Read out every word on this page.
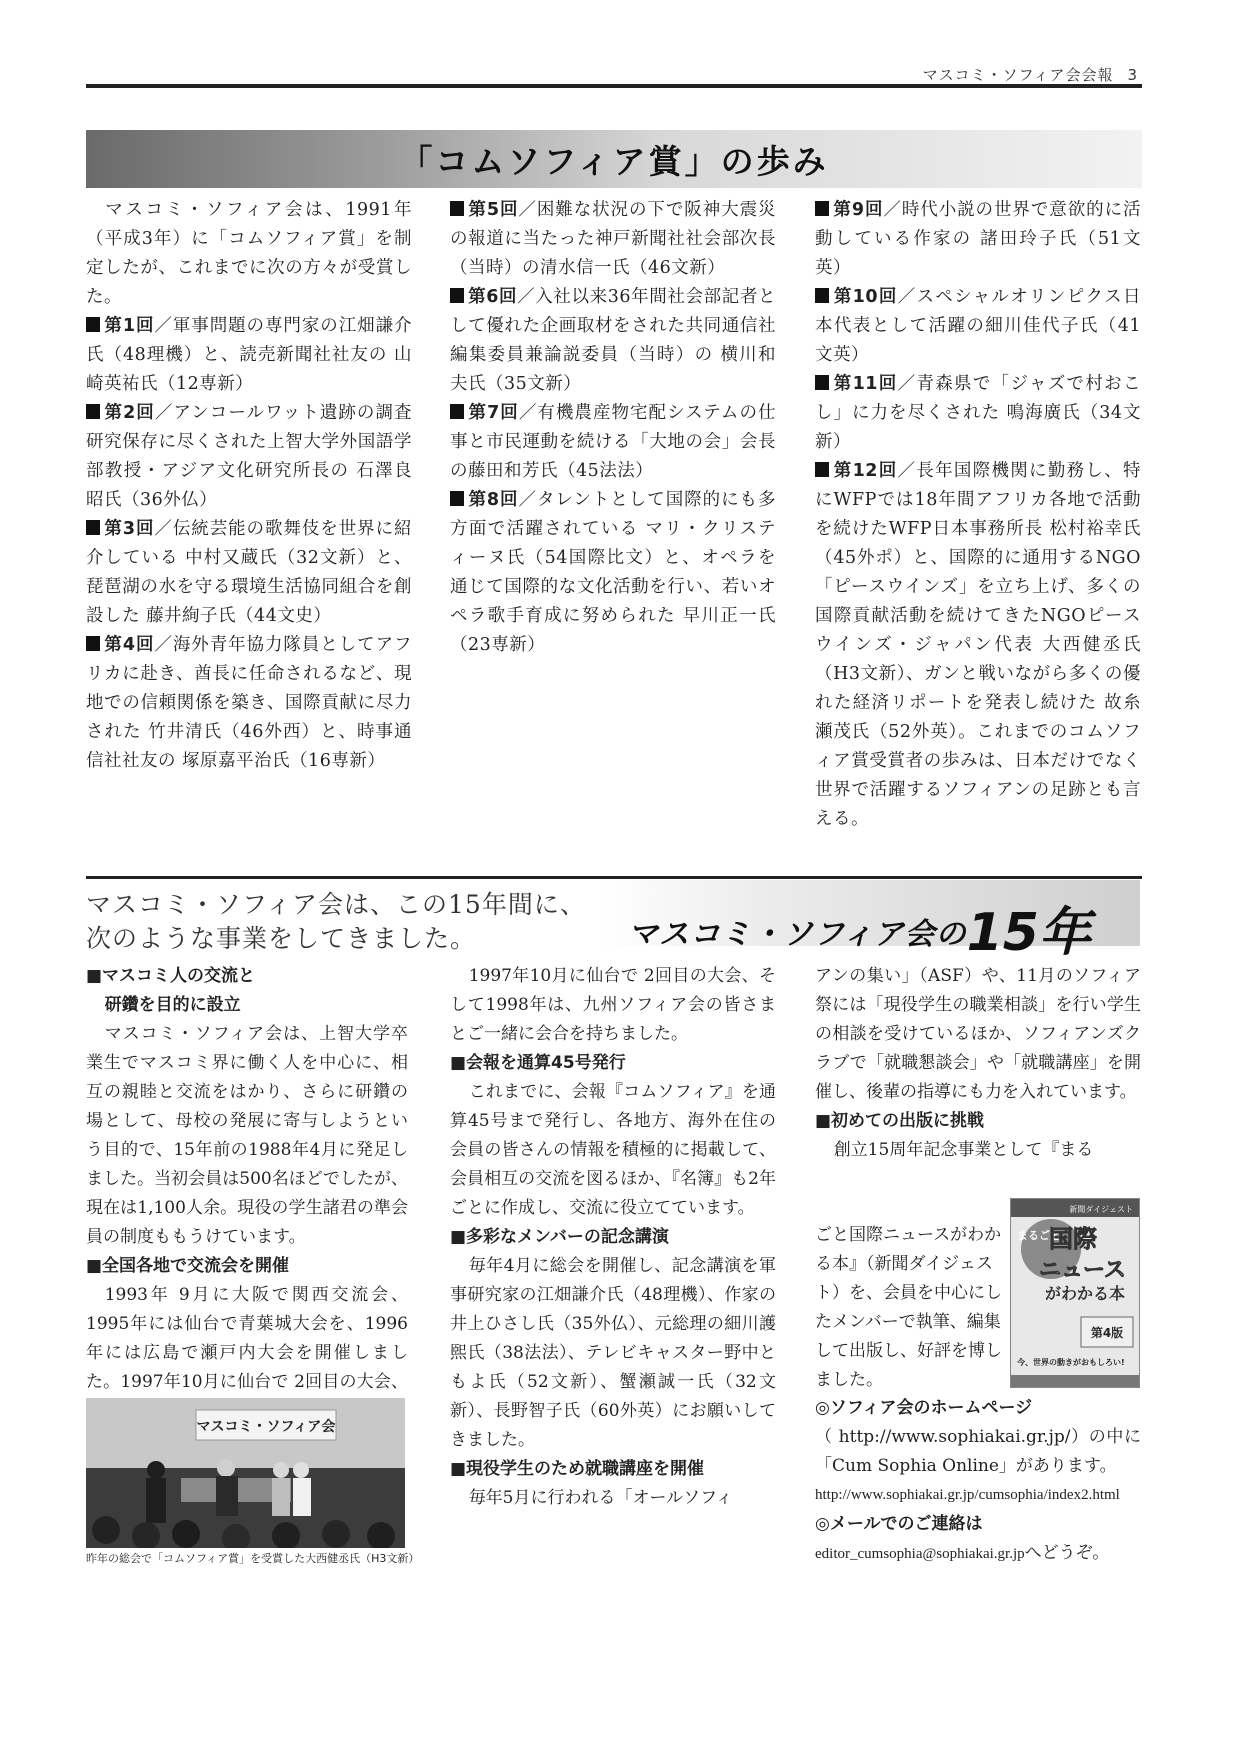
マスコミ・ソフィア会会報 3
「コムソフィア賞」の歩み

マスコミ・ソフィア会は、1991年（平成3年）に「コムソフィア賞」を制定したが、これまでに次の方々が受賞した。

第1回／軍事問題の専門家の江畑謙介氏（48理機）と、読売新聞社社友の 山崎英祐氏（12専新）

第2回／アンコールワット遺跡の調査研究保存に尽くされた上智大学外国語学部教授・アジア文化研究所長の 石澤良昭氏（36外仏）

第3回／伝統芸能の歌舞伎を世界に紹介している 中村又蔵氏（32文新）と、琵琶湖の水を守る環境生活協同組合を創設した 藤井絢子氏（44文史）

第4回／海外青年協力隊員としてアフリカに赴き、酋長に任命されるなど、現地での信頼関係を築き、国際貢献に尽力された 竹井清氏（46外西）と、時事通信社社友の 塚原嘉平治氏（16専新）

第5回／困難な状況の下で阪神大震災の報道に当たった神戸新聞社社会部次長（当時）の清水信一氏（46文新）

第6回／入社以来36年間社会部記者として優れた企画取材をされた共同通信社編集委員兼論説委員（当時）の 横川和夫氏（35文新）

第7回／有機農産物宅配システムの仕事と市民運動を続ける「大地の会」会長の藤田和芳氏（45法法）

第8回／タレントとして国際的にも多方面で活躍されている マリ・クリスティーヌ氏（54国際比文）と、オペラを通じて国際的な文化活動を行い、若いオペラ歌手育成に努められた 早川正一氏（23専新）

第9回／時代小説の世界で意欲的に活動している作家の 諸田玲子氏（51文英）

第10回／スペシャルオリンピクス日本代表として活躍の細川佳代子氏（41文英）

第11回／青森県で「ジャズで村おこし」に力を尽くされた 鳴海廣氏（34文新）

第12回／長年国際機関に勤務し、特にWFPでは18年間アフリカ各地で活動を続けたWFP日本事務所長 松村裕幸氏（45外ポ）と、国際的に通用するNGO「ピースウインズ」を立ち上げ、多くの国際貢献活動を続けてきたNGOピースウインズ・ジャパン代表 大西健丞氏（H3文新）、ガンと戦いながら多くの優れた経済リポートを発表し続けた 故糸瀬茂氏（52外英）。これまでのコムソフィア賞受賞者の歩みは、日本だけでなく世界で活躍するソフィアンの足跡とも言える。

マスコミ・ソフィア会は、この15年間に、
次のような事業をしてきました。	マスコミ・ソフィア会の15年
■マスコミ人の交流と
研鑽を目的に設立

マスコミ・ソフィア会は、上智大学卒業生でマスコミ界に働く人を中心に、相互の親睦と交流をはかり、さらに研鑽の場として、母校の発展に寄与しようという目的で、15年前の1988年4月に発足しました。当初会員は500名ほどでしたが、現在は1,100人余。現役の学生諸君の準会員の制度ももうけています。

■全国各地で交流会を開催

1993年 9月に大阪で関西交流会、1995年には仙台で青葉城大会を、1996年には広島で瀬戸内大会を開催しました。1997年10月に仙台で 2回目の大会、

マスコミ・ソフィア会
昨年の総会で「コムソフィア賞」を受賞した大西健丞氏（H3文新）

1997年10月に仙台で 2回目の大会、そして1998年は、九州ソフィア会の皆さまとご一緒に会合を持ちました。

■会報を通算45号発行

これまでに、会報『コムソフィア』を通算45号まで発行し、各地方、海外在住の会員の皆さんの情報を積極的に掲載して、会員相互の交流を図るほか、『名簿』も2年ごとに作成し、交流に役立てています。

■多彩なメンバーの記念講演

毎年4月に総会を開催し、記念講演を軍事研究家の江畑謙介氏（48理機）、作家の井上ひさし氏（35外仏）、元総理の細川護煕氏（38法法）、テレビキャスター野中ともよ氏（52文新）、蟹瀬誠一氏（32文新）、長野智子氏（60外英）にお願いしてきました。

■現役学生のため就職講座を開催

毎年5月に行われる「オールソフィ

アンの集い」（ASF）や、11月のソフィア祭には「現役学生の職業相談」を行い学生の相談を受けているほか、ソフィアンズクラブで「就職懇談会」や「就職講座」を開催し、後輩の指導にも力を入れています。

■初めての出版に挑戦

創立15周年記念事業として『まる

ごと国際ニュースがわかる本』（新聞ダイジェスト）を、会員を中心にしたメンバーで執筆、編集して出版し、好評を博しました。
新聞ダイジェスト
まるごと
国際
ニュース
がわかる本
第4版
今、世界の動きがおもしろい!
◎ソフィア会のホームページ

（ http://www.sophiakai.gr.jp/）の中に「Cum Sophia Online」があります。

http://www.sophiakai.gr.jp/cumsophia/index2.html

◎メールでのご連絡は

editor_cumsophia@sophiakai.gr.jpへどうぞ。
